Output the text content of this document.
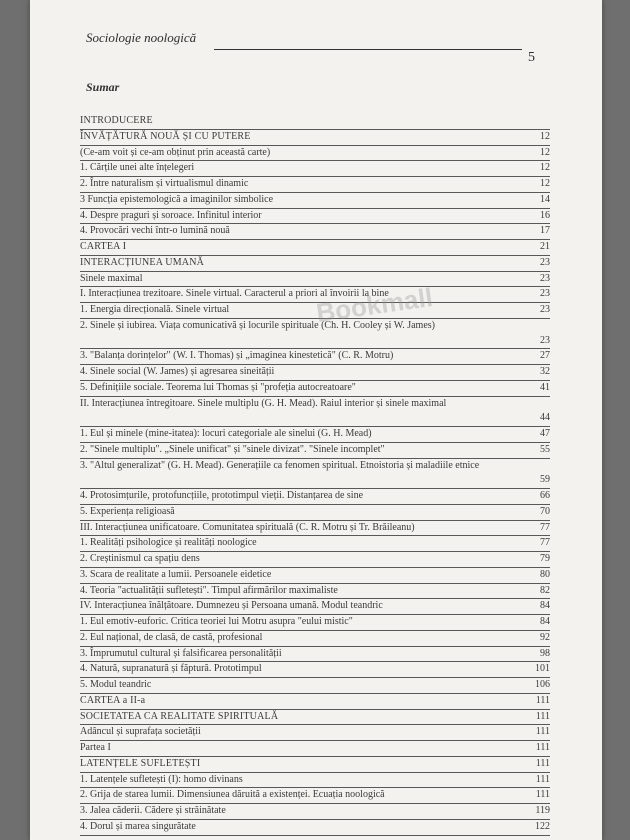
Sociologie noologică
5
Sumar
INTRODUCERE
ÎNVĂȚĂTURĂ NOUĂ ȘI CU PUTERE	12
(Ce-am voit și ce-am obținut prin această carte)	12
1. Cărțile unei alte înțelegeri	12
2. Între naturalism și virtualismul dinamic	12
3 Funcția epistemologică a imaginilor simbolice	14
4. Despre praguri și soroace. Infinitul interior	16
4. Provocări vechi într-o lumină nouă	17
CARTEA I	21
INTERACȚIUNEA UMANĂ	23
Sinele maximal	23
I. Interacțiunea trezitoare. Sinele virtual. Caracterul a priori al învoirii la bine	23
1. Energia direcțională. Sinele virtual	23
2. Sinele și iubirea. Viața comunicativă și locurile spirituale (Ch. H. Cooley și W. James)
23
3. "Balanța dorințelor" (W. I. Thomas) și „imaginea kinestetică" (C. R. Motru)	27
4. Sinele social (W. James) și agresarea sineității	32
5. Definițiile sociale. Teorema lui Thomas și "profeția autocreatoare"	41
II. Interacțiunea întregitoare. Sinele multiplu (G. H. Mead). Raiul interior și sinele maximal
44
1. Eul și minele (mine-itatea): locuri categoriale ale sinelui (G. H. Mead)	47
2. "Sinele multiplu". „Sinele unificat" și "sinele divizat". "Sinele incomplet"	55
3. "Altul generalizat" (G. H. Mead). Generațiile ca fenomen spiritual. Etnoistoria și maladiile etnice
59
4. Protosimțurile, protofuncțiile, prototimpul vieții. Distanțarea de sine	66
5. Experiența religioasă	70
III. Interacțiunea unificatoare. Comunitatea spirituală (C. R. Motru și Tr. Brăileanu)	77
1. Realități psihologice și realități noologice	77
2. Creștinismul ca spațiu dens	79
3. Scara de realitate a lumii. Persoanele eidetice	80
4. Teoria "actualității sufletești". Timpul afirmărilor maximaliste	82
IV. Interacțiunea înălțătoare. Dumnezeu și Persoana umană. Modul teandric	84
1. Eul emotiv-euforic. Critica teoriei lui Motru asupra "eului mistic"	84
2. Eul național, de clasă, de castă, profesional	92
3. Împrumutul cultural și falsificarea personalității	98
4. Natură, supranatură și făptură. Prototimpul	101
5. Modul teandric	106
CARTEA a II-a	111
SOCIETATEA CA REALITATE SPIRITUALĂ	111
Adâncul și suprafața societății	111
Partea I	111
LATENȚELE SUFLETEȘTI	111
1. Latențele sufletești (I): homo divinans	111
2. Grija de starea lumii. Dimensiunea dăruită a existenței. Ecuația noologică	111
3. Jalea căderii. Cădere și străinătate	119
4. Dorul și marea singurătate	122
Bookmall
